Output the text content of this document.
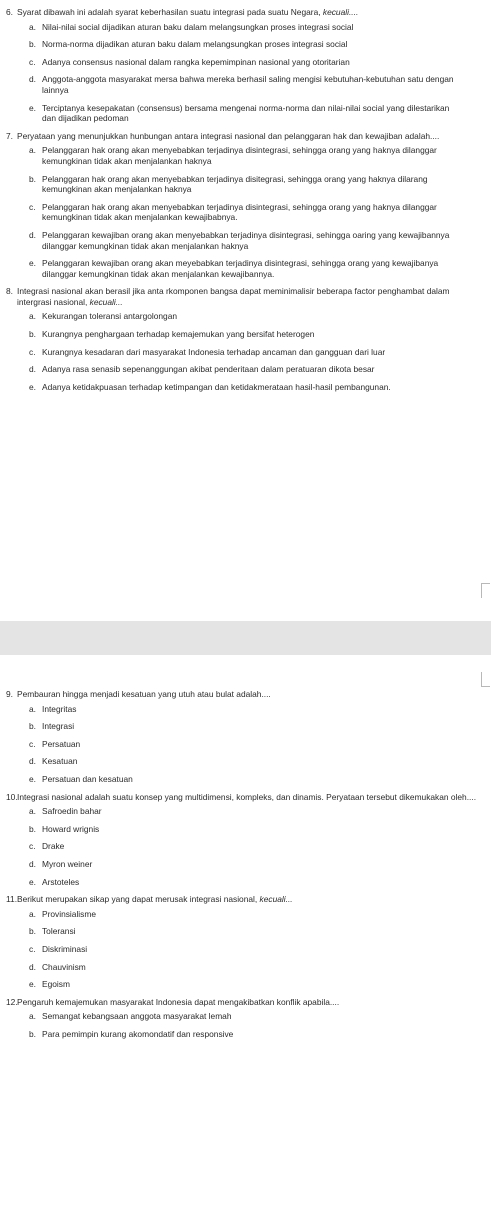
6. Syarat dibawah ini adalah syarat keberhasilan suatu integrasi pada suatu Negara, kecuali....
a. Nilai-nilai social dijadikan aturan baku dalam melangsungkan proses integrasi social
b. Norma-norma dijadikan aturan baku dalam melangsungkan proses integrasi social
c. Adanya consensus nasional dalam rangka kepemimpinan nasional yang otoritarian
d. Anggota-anggota masyarakat mersa bahwa mereka berhasil saling mengisi kebutuhan-kebutuhan satu dengan lainnya
e. Terciptanya kesepakatan (consensus) bersama mengenai norma-norma dan nilai-nilai social yang dilestarikan dan dijadikan pedoman
7. Peryataan yang menunjukkan hunbungan antara integrasi nasional dan pelanggaran hak dan kewajiban adalah....
a. Pelanggaran hak orang akan menyebabkan terjadinya disintegrasi, sehingga orang yang haknya dilanggar kemungkinan tidak akan menjalankan haknya
b. Pelanggaran hak orang akan menyebabkan terjadinya disitegrasi, sehingga orang yang haknya dilarang kemungkinan akan menjalankan haknya
c. Pelanggaran hak orang akan menyebabkan terjadinya disintegrasi, sehingga orang yang haknya dilanggar kemungkinan tidak akan menjalankan kewajibabnya.
d. Pelanggaran kewajiban orang akan menyebabkan terjadinya disintegrasi, sehingga oaring yang kewajibannya dilanggar kemungkinan tidak akan menjalankan haknya
e. Pelanggaran kewajiban orang akan meyebabkan terjadinya disintegrasi, sehingga orang yang kewajibanya dilanggar kemungkinan tidak akan menjalankan kewajibannya.
8. Integrasi nasional akan berasil jika anta rkomponen bangsa dapat meminimalisir beberapa factor penghambat dalam intergrasi nasional, kecuali...
a. Kekurangan toleransi antargolongan
b. Kurangnya penghargaan terhadap kemajemukan yang bersifat heterogen
c. Kurangnya kesadaran dari masyarakat Indonesia terhadap ancaman dan gangguan dari luar
d. Adanya rasa senasib sepenanggungan akibat penderitaan dalam peratuaran dikota besar
e. Adanya ketidakpuasan terhadap ketimpangan dan ketidakmerataan hasil-hasil pembangunan.
9. Pembauran hingga menjadi kesatuan yang utuh atau bulat adalah....
a. Integritas
b. Integrasi
c. Persatuan
d. Kesatuan
e. Persatuan dan kesatuan
10. Integrasi nasional adalah suatu konsep yang multidimensi, kompleks, dan dinamis. Peryataan tersebut dikemukakan oleh....
a. Safroedin bahar
b. Howard wrignis
c. Drake
d. Myron weiner
e. Arstoteles
11. Berikut merupakan sikap yang dapat merusak integrasi nasional, kecuali...
a. Provinsialisme
b. Toleransi
c. Diskriminasi
d. Chauvinism
e. Egoism
12. Pengaruh kemajemukan masyarakat Indonesia dapat mengakibatkan konflik apabila....
a. Semangat kebangsaan anggota masyarakat lemah
b. Para pemimpin kurang akomondatif dan responsive
